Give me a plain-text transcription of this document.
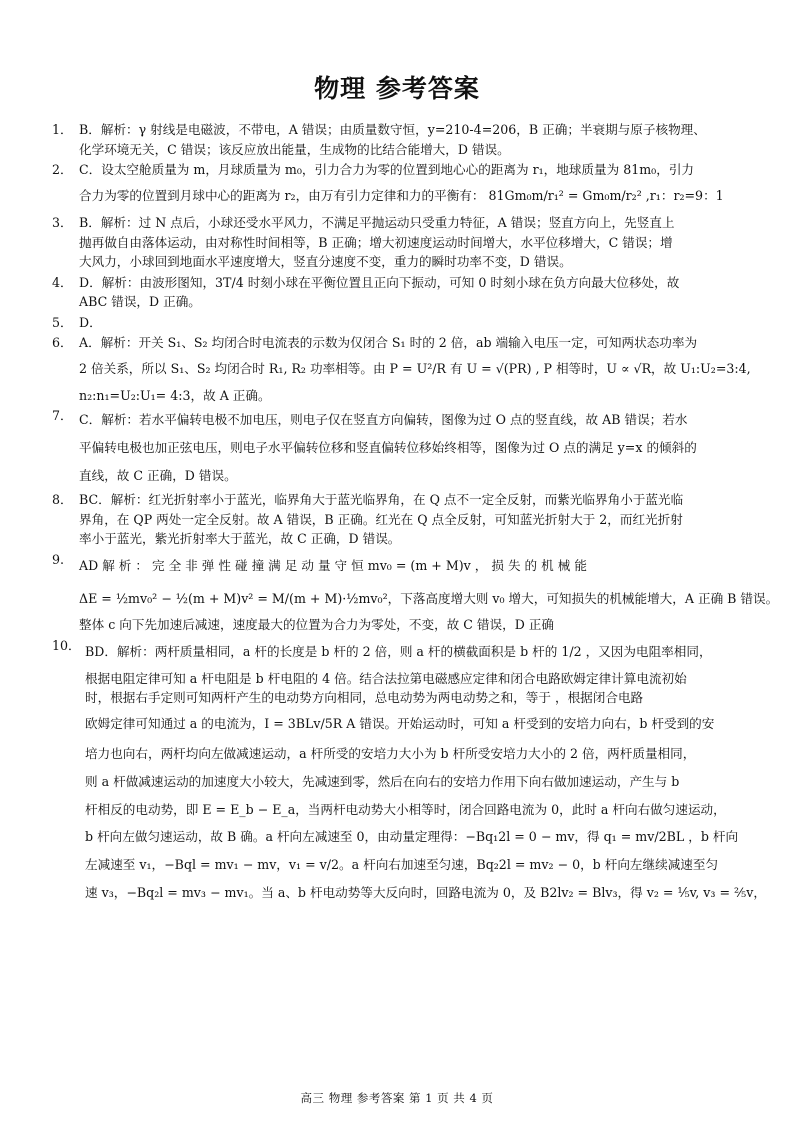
物理 参考答案
1． B．解析：γ 射线是电磁波，不带电，A 错误；由质量数守恒，y=210-4=206，B 正确；半衰期与原子核物理、
化学环境无关，C 错误；该反应放出能量，生成物的比结合能增大，D 错误。
2． C．设太空舱质量为 m，月球质量为 m₀，引力合力为零的位置到地心心的距离为 r₁，地球质量为 81m₀，引力
合力为零的位置到月球中心的距离为 r₂，由万有引力定律和力的平衡有： 81Gm₀m/r₁² = Gm₀m/r₂² ,r₁：r₂=9：1
3． B．解析：过 N 点后，小球还受水平风力，不满足平抛运动只受重力特征，A 错误；竖直方向上，先竖直上
抛再做自由落体运动，由对称性时间相等，B 正确；增大初速度运动时间增大，水平位移增大，C 错误；增
大风力，小球回到地面水平速度增大，竖直分速度不变，重力的瞬时功率不变，D 错误。
4． D．解析：由波形图知，3T/4 时刻小球在平衡位置且正向下振动，可知 0 时刻小球在负方向最大位移处，故
ABC 错误，D 正确。
5． D．
6． A．解析：开关 S₁、S₂ 均闭合时电流表的示数为仅闭合 S₁ 时的 2 倍，ab 端输入电压一定，可知两状态功率为
2 倍关系，所以 S₁、S₂ 均闭合时 R₁, R₂ 功率相等。由 P = U²/R 有 U = √(PR) , P 相等时，U ∝ √R，故 U₁:U₂=3:4,
n₂:n₁=U₂:U₁= 4:3，故 A 正确。
7． C．解析：若水平偏转电极不加电压，则电子仅在竖直方向偏转，图像为过 O 点的竖直线，故 AB 错误；若水
平偏转电极也加正弦电压，则电子水平偏转位移和竖直偏转位移始终相等，图像为过 O 点的满足 y=x 的倾斜的
直线，故 C 正确，D 错误。
8． BC．解析：红光折射率小于蓝光，临界角大于蓝光临界角，在 Q 点不一定全反射，而紫光临界角小于蓝光临
界角，在 QP 两处一定全反射。故 A 错误，B 正确。红光在 Q 点全反射，可知蓝光折射大于 2，而红光折射
率小于蓝光，紫光折射率大于蓝光，故 C 正确，D 错误。
9.	AD 解 析 ： 完 全 非 弹 性 碰 撞 满 足 动 量 守 恒 mv₀ = (m + M)v ， 损 失 的 机 械 能
ΔE = ½mv₀² − ½(m + M)v² = M/(m + M)·½mv₀²，下落高度增大则 v₀ 增大，可知损失的机械能增大，A 正确 B 错误。
整体 c 向下先加速后减速，速度最大的位置为合力为零处，不变，故 C 错误，D 正确
10． BD．解析：两杆质量相同，a 杆的长度是 b 杆的 2 倍，则 a 杆的横截面积是 b 杆的 1/2 ，又因为电阻率相同，
根据电阻定律可知 a 杆电阻是 b 杆电阻的 4 倍。结合法拉第电磁感应定律和闭合电路欧姆定律计算电流初始
时，根据右手定则可知两杆产生的电动势方向相同，总电动势为两电动势之和，等于 ，根据闭合电路
欧姆定律可知通过 a 的电流为，I = 3BLv/5R A 错误。开始运动时，可知 a 杆受到的安培力向右，b 杆受到的安
培力也向右，两杆均向左做减速运动，a 杆所受的安培力大小为 b 杆所受安培力大小的 2 倍，两杆质量相同，
则 a 杆做减速运动的加速度大小较大，先减速到零，然后在向右的安培力作用下向右做加速运动，产生与 b
杆相反的电动势，即 E = E_b − E_a，当两杆电动势大小相等时，闭合回路电流为 0，此时 a 杆向右做匀速运动，
b 杆向左做匀速运动，故 B 确。a 杆向左减速至 0，由动量定理得：−Bq₁2l = 0 − mv，得 q₁ = mv/2BL ，b 杆向
左减速至 v₁，−Bql = mv₁ − mv，v₁ = v/2。a 杆向右加速至匀速，Bq₂2l = mv₂ − 0，b 杆向左继续减速至匀
速 v₃，−Bq₂l = mv₃ − mv₁。当 a、b 杆电动势等大反向时，回路电流为 0，及 B2lv₂ = Blv₃，得 v₂ = ⅕v, v₃ = ⅖v，
高三 物理 参考答案 第 1 页 共 4 页
